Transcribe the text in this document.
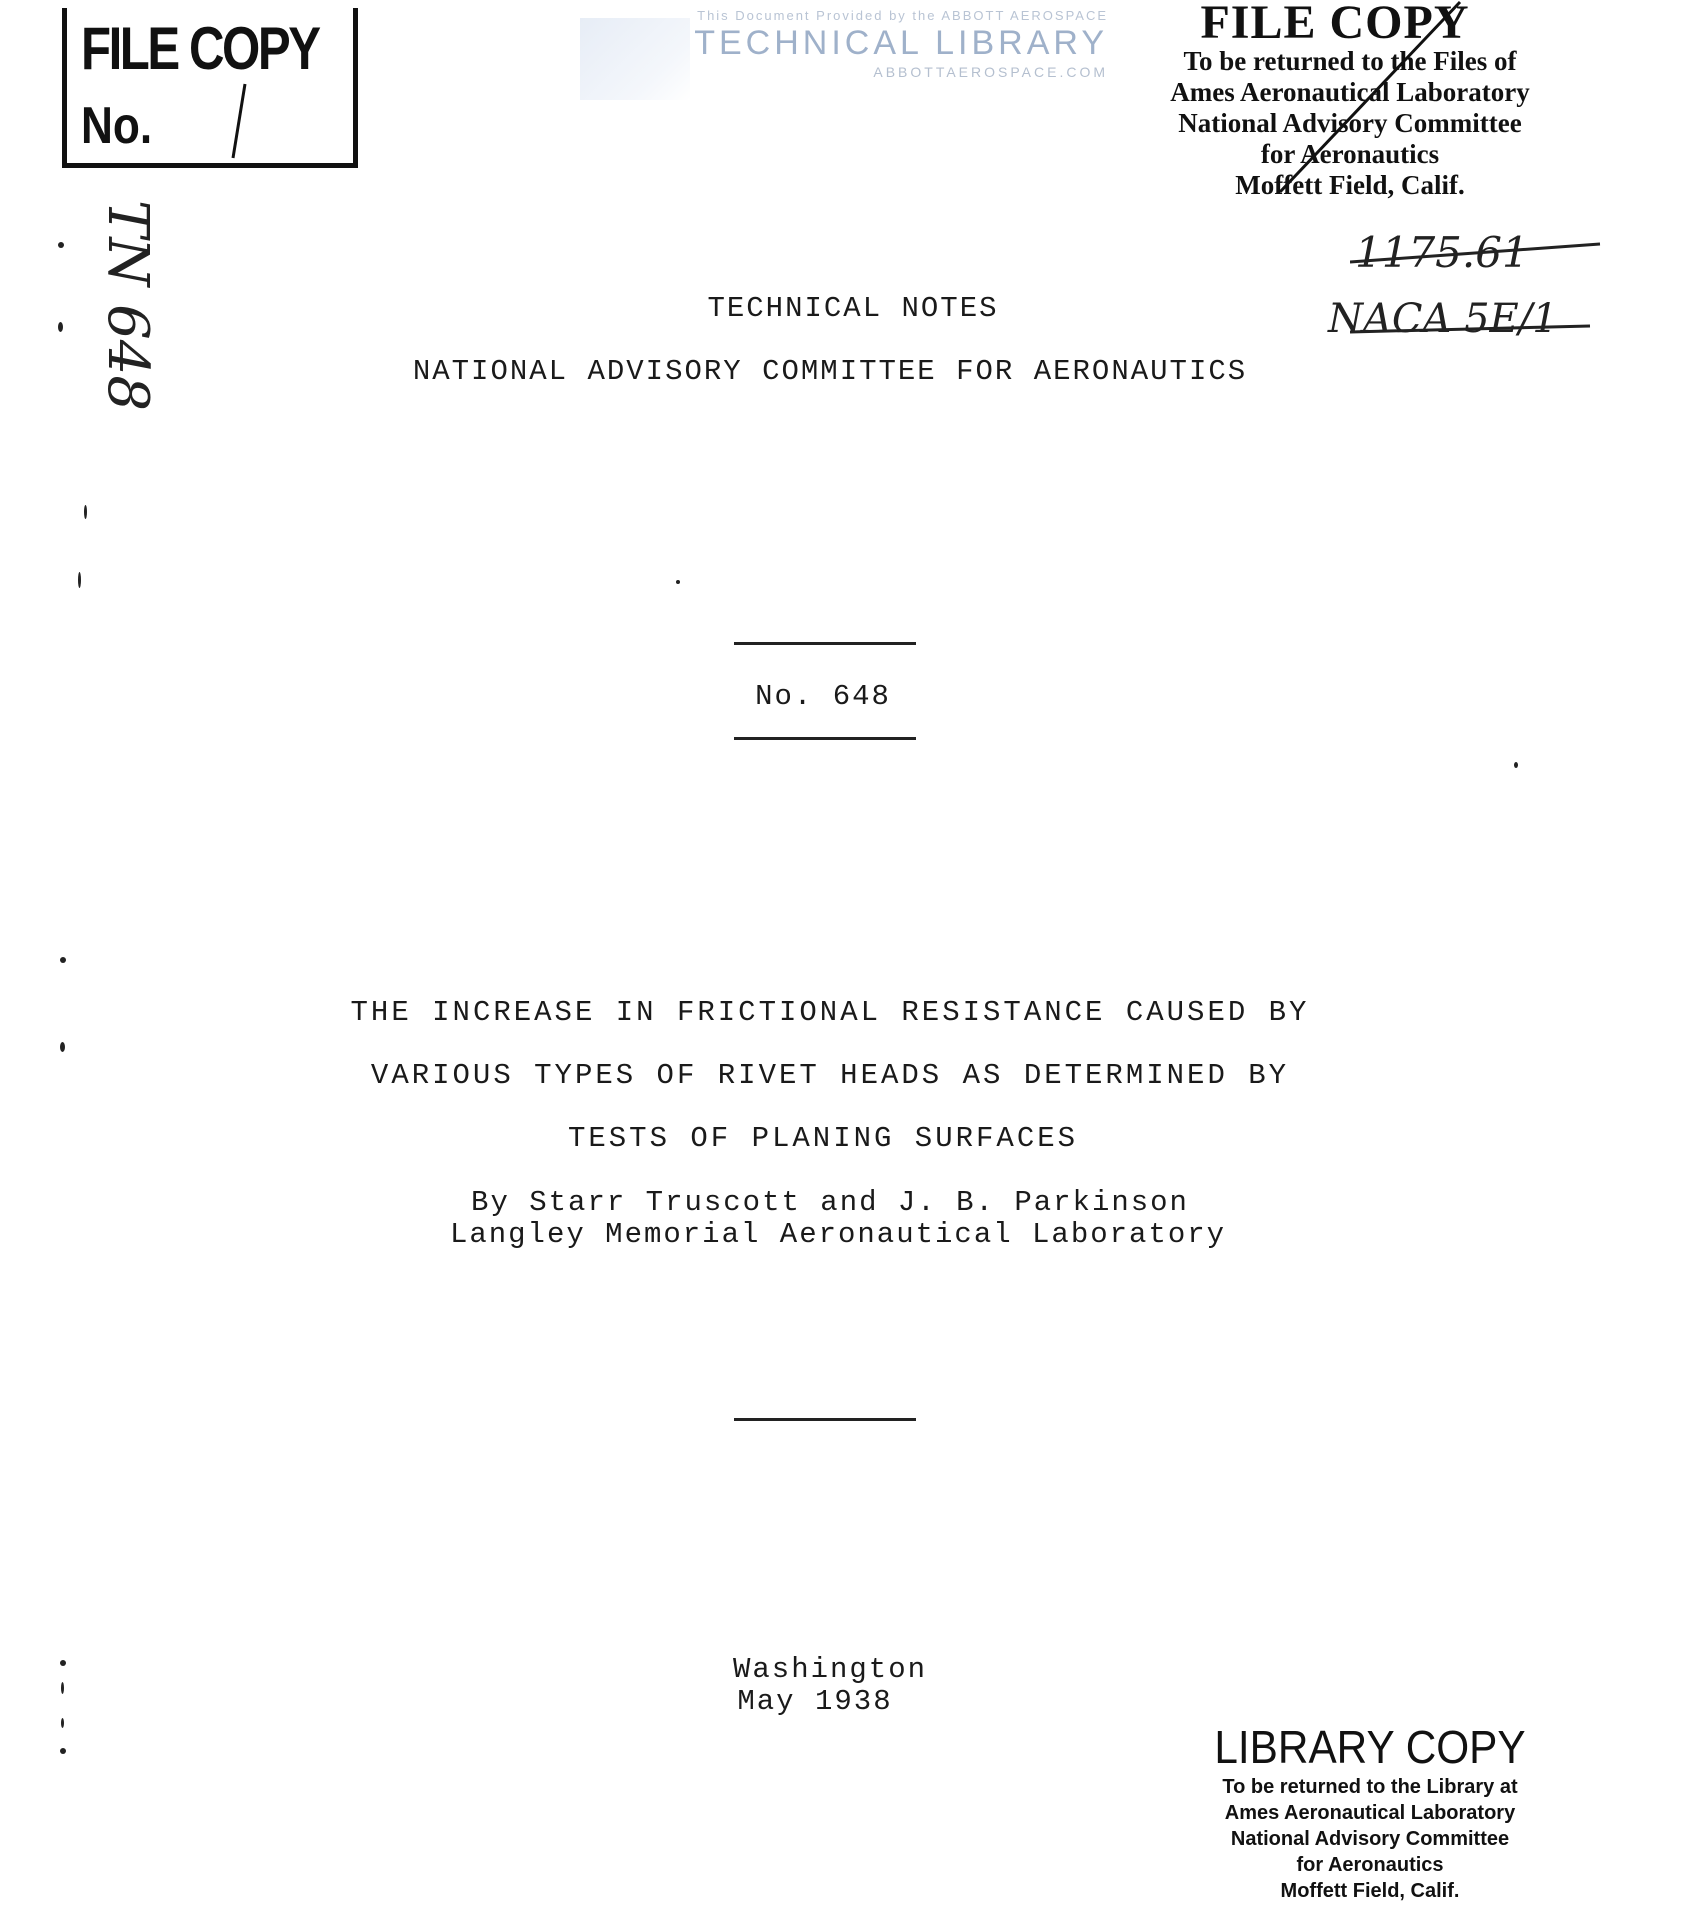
FILE COPY
No.
This Document Provided by the ABBOTT AEROSPACE
TECHNICAL LIBRARY
ABBOTTAEROSPACE.COM
FILE COPY
To be returned to the Files of
Ames Aeronautical Laboratory
National Advisory Committee
for Aeronautics
Moffett Field, Calif.
1175.61
NACA 5E/1
TN 648	TECHNICAL NOTES
NATIONAL ADVISORY COMMITTEE FOR AERONAUTICS
No. 648
THE INCREASE IN FRICTIONAL RESISTANCE CAUSED BY
VARIOUS TYPES OF RIVET HEADS AS DETERMINED BY
TESTS OF PLANING SURFACES
By Starr Truscott and J. B. Parkinson
Langley Memorial Aeronautical Laboratory
Washington
May 1938
LIBRARY COPY
To be returned to the Library at
Ames Aeronautical Laboratory
National Advisory Committee
for Aeronautics
Moffett Field, Calif.
